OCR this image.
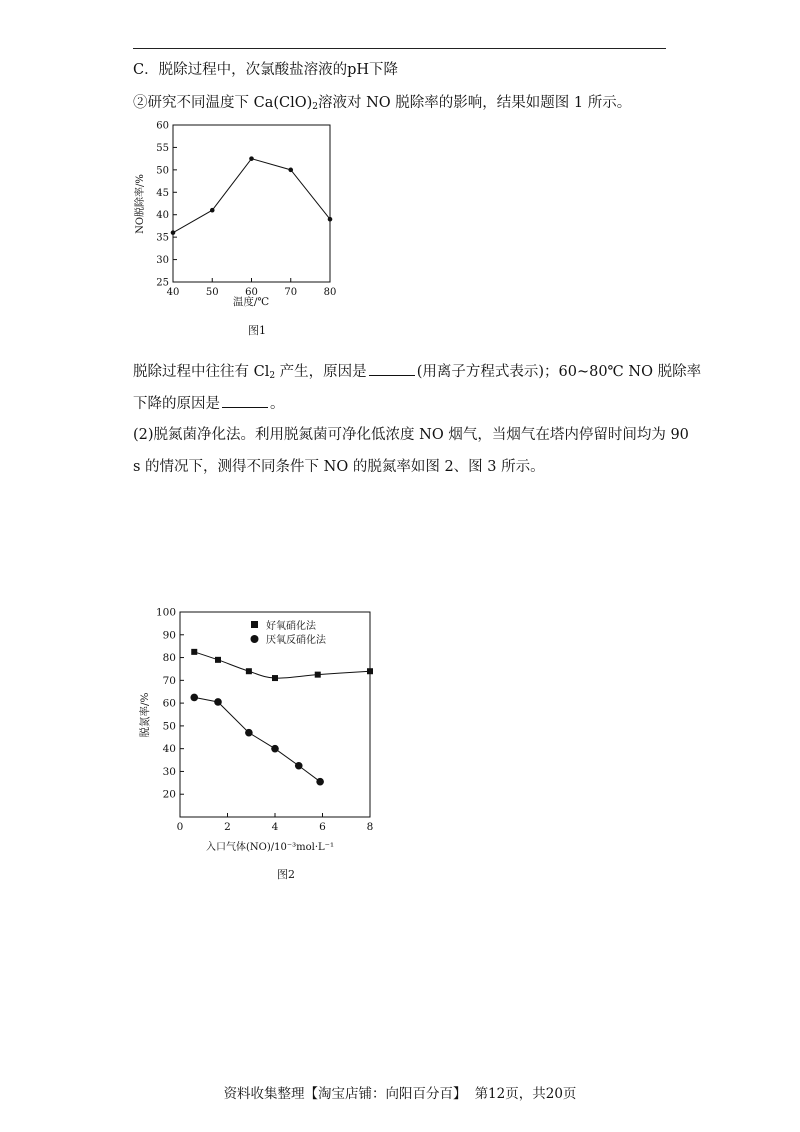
C．脱除过程中，次氯酸盐溶液的pH下降
②研究不同温度下 $Ca(ClO)_2$溶液对 NO 脱除率的影响，结果如题图 1 所示。
25
30
35
40
45
50
55
60
40	50	60	70	80
温度/℃
NO脱除率/%
图1
脱除过程中往往有 $Cl_2$ 产生，原因是	(用离子方程式表示)；60~80℃ NO 脱除率
下降的原因是	。
(2)脱氮菌净化法。利用脱氮菌可净化低浓度 NO 烟气，当烟气在塔内停留时间均为 90
s 的情况下，测得不同条件下 NO 的脱氮率如图 2、图 3 所示。
20
30
40
50
60
70
80
90
100
0	2	4	6	8
好氧硝化法
厌氧反硝化法
入口气体(NO)/10⁻³mol·L⁻¹
脱氮率/%
图2
资料收集整理【淘宝店铺：向阳百分百】 第12页，共20页
